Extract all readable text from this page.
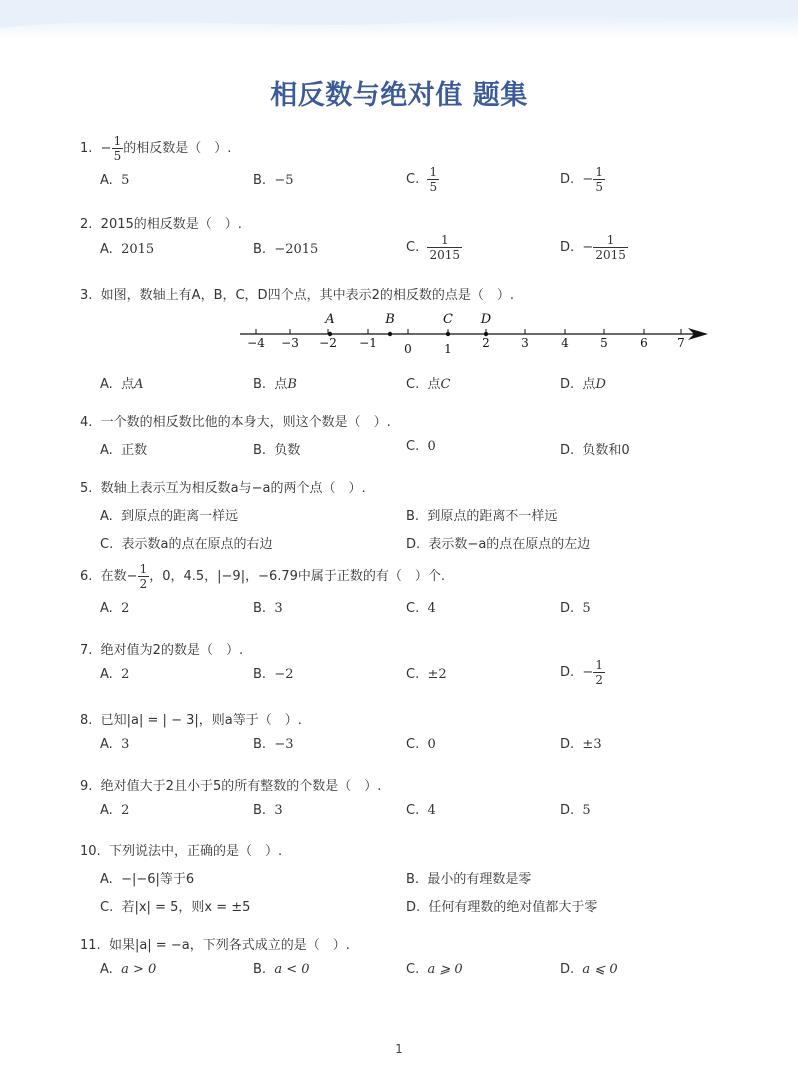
相反数与绝对值 题集
1. − $\frac{1}{5}$ 的相反数是（　）.
A. 5	B. −5	C. $\frac{1}{5}$	D. − $\frac{1}{5}$
2. 2015的相反数是（　）.
A. 2015	B. −2015	C. $\frac{1}{2015}$	D. − $\frac{1}{2015}$
3. 如图，数轴上有A，B，C，D四个点，其中表示2的相反数的点是（　）.
−4 −3 −2 −1 0	1	2	3	4	5	6 7
A	B	C D
A. 点A	B. 点B	C. 点C	D. 点D
4. 一个数的相反数比他的本身大，则这个数是（　）.
A. 正数	B. 负数	C. 0	D. 负数和0
5. 数轴上表示互为相反数a与−a的两个点（　）.
A. 到原点的距离一样远	B. 到原点的距离不一样远
C. 表示数a的点在原点的右边	D. 表示数−a的点在原点的左边
6. 在数− $\frac{1}{2}$ ，0，4.5，|−9|，−6.79中属于正数的有（　）个.
A. 2	B. 3	C. 4	D. 5
7. 绝对值为2的数是（　）.
A. 2	B. −2	C. ±2	D. − $\frac{1}{2}$
8. 已知|a| = | − 3|，则a等于（　）.
A. 3	B. −3	C. 0	D. ±3
9. 绝对值大于2且小于5的所有整数的个数是（　）.
A. 2	B. 3	C. 4	D. 5
10. 下列说法中，正确的是（　）.
A. −|−6|等于6	B. 最小的有理数是零
C. 若|x| = 5，则x = ±5	D. 任何有理数的绝对值都大于零
11. 如果|a| = −a，下列各式成立的是（　）.
A. a > 0	B. a < 0	C. a ⩾ 0	D. a ⩽ 0
1
